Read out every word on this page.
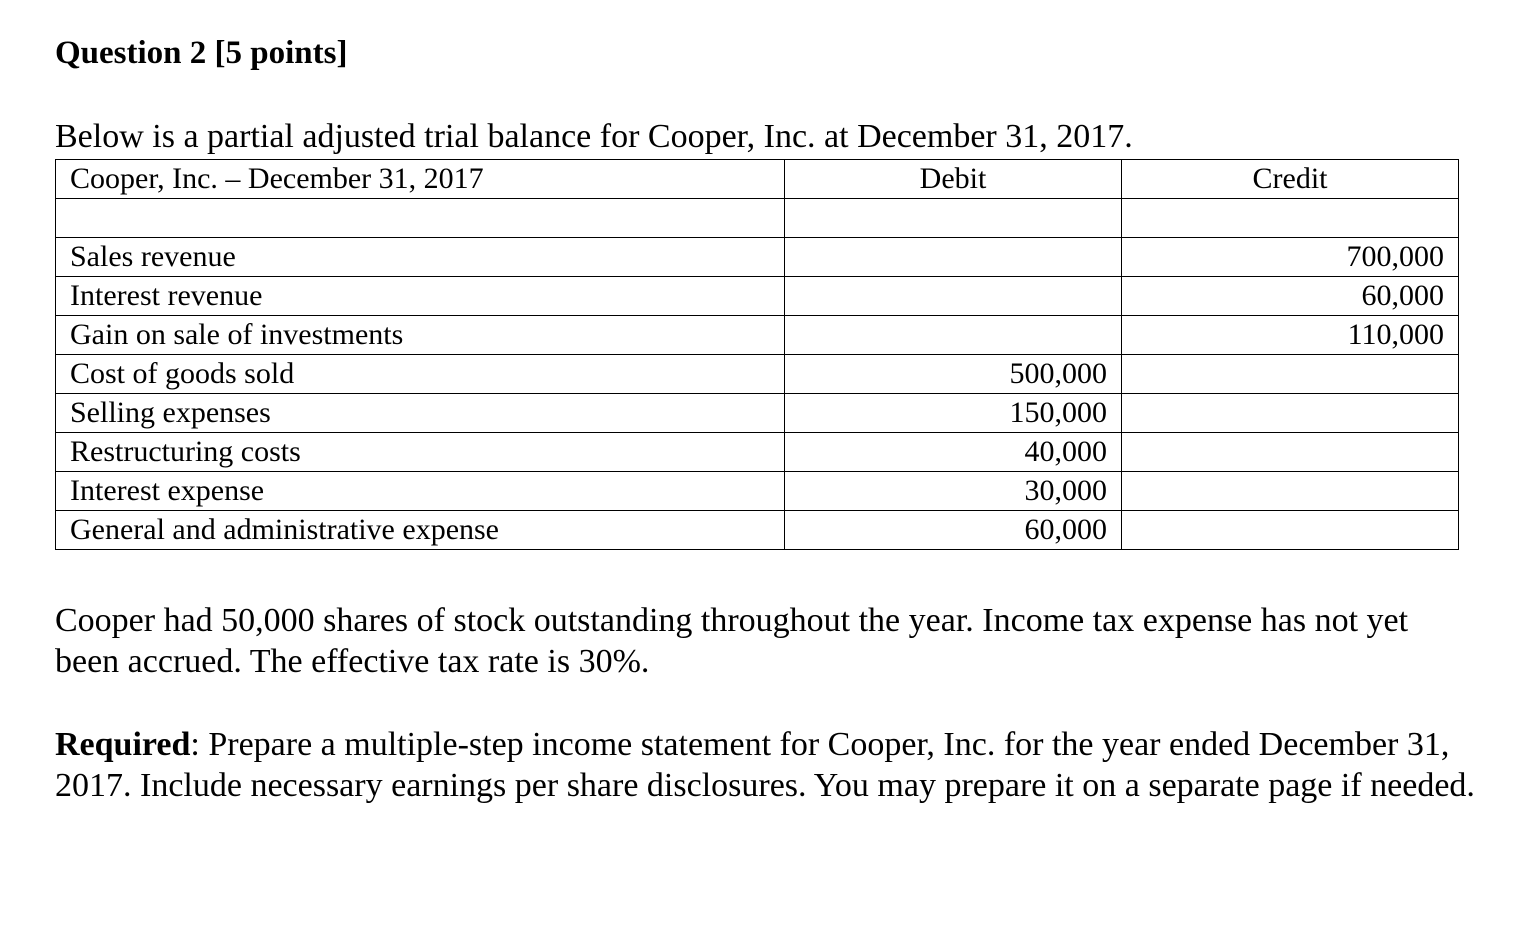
Question 2 [5 points]
Below is a partial adjusted trial balance for Cooper, Inc. at December 31, 2017.
Cooper, Inc. – December 31, 2017	Debit	Credit

Sales revenue		700,000
Interest revenue		60,000
Gain on sale of investments		110,000
Cost of goods sold	500,000	
Selling expenses	150,000	
Restructuring costs	40,000	
Interest expense	30,000	
General and administrative expense	60,000	
Cooper had 50,000 shares of stock outstanding throughout the year. Income tax expense has not yet been accrued. The effective tax rate is 30%.
Required: Prepare a multiple-step income statement for Cooper, Inc. for the year ended December 31, 2017. Include necessary earnings per share disclosures. You may prepare it on a separate page if needed.
